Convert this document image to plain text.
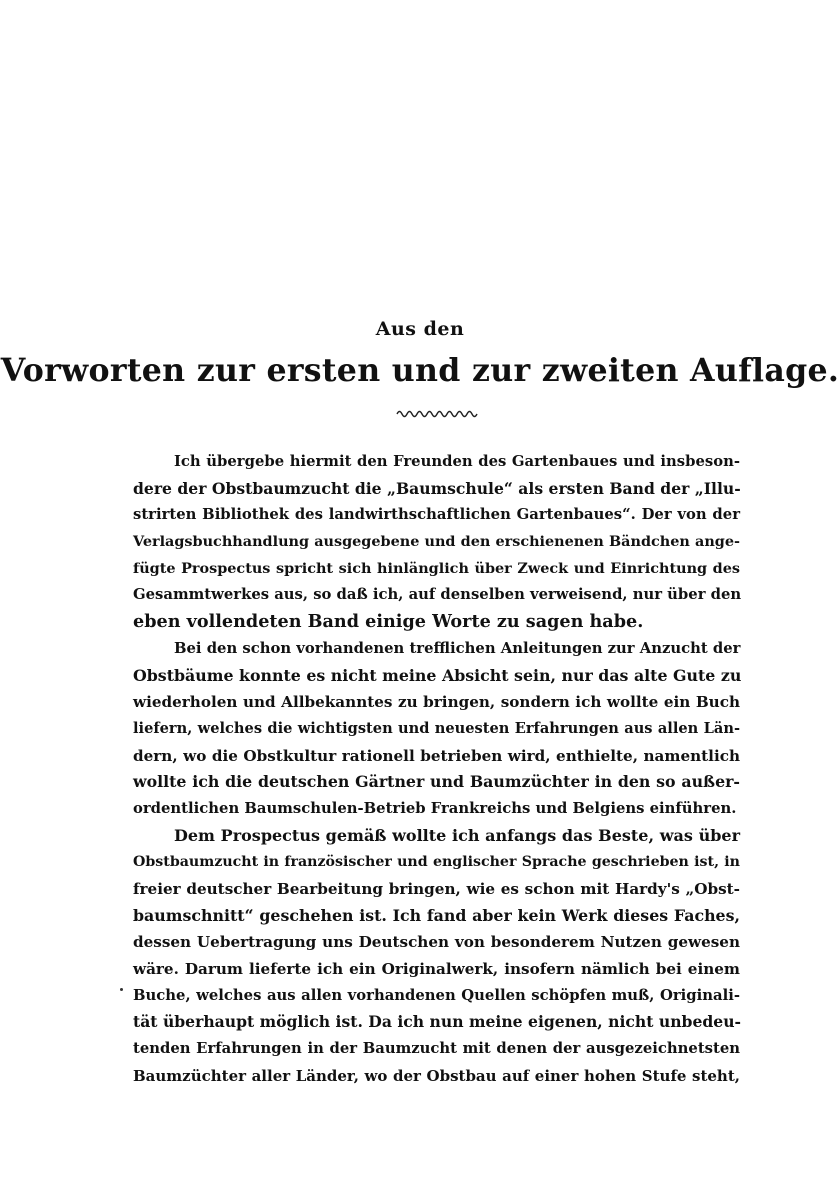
Aus den
Vorworten zur ersten und zur zweiten Auflage.
Ich übergebe hiermit den Freunden des Gartenbaues und insbeson-
dere der Obstbaumzucht die „Baumschule“ als ersten Band der „Illu-
strirten Bibliothek des landwirthschaftlichen Gartenbaues“. Der von der
Verlagsbuchhandlung ausgegebene und den erschienenen Bändchen ange-
fügte Prospectus spricht sich hinlänglich über Zweck und Einrichtung des
Gesammtwerkes aus, so daß ich, auf denselben verweisend, nur über den
eben vollendeten Band einige Worte zu sagen habe.
Bei den schon vorhandenen trefflichen Anleitungen zur Anzucht der
Obstbäume konnte es nicht meine Absicht sein, nur das alte Gute zu
wiederholen und Allbekanntes zu bringen, sondern ich wollte ein Buch
liefern, welches die wichtigsten und neuesten Erfahrungen aus allen Län-
dern, wo die Obstkultur rationell betrieben wird, enthielte, namentlich
wollte ich die deutschen Gärtner und Baumzüchter in den so außer-
ordentlichen Baumschulen-Betrieb Frankreichs und Belgiens einführen.
Dem Prospectus gemäß wollte ich anfangs das Beste, was über
Obstbaumzucht in französischer und englischer Sprache geschrieben ist, in
freier deutscher Bearbeitung bringen, wie es schon mit Hardy's „Obst-
baumschnitt“ geschehen ist. Ich fand aber kein Werk dieses Faches,
dessen Uebertragung uns Deutschen von besonderem Nutzen gewesen
wäre. Darum lieferte ich ein Originalwerk, insofern nämlich bei einem
Buche, welches aus allen vorhandenen Quellen schöpfen muß, Originali-
tät überhaupt möglich ist. Da ich nun meine eigenen, nicht unbedeu-
tenden Erfahrungen in der Baumzucht mit denen der ausgezeichnetsten
Baumzüchter aller Länder, wo der Obstbau auf einer hohen Stufe steht,
